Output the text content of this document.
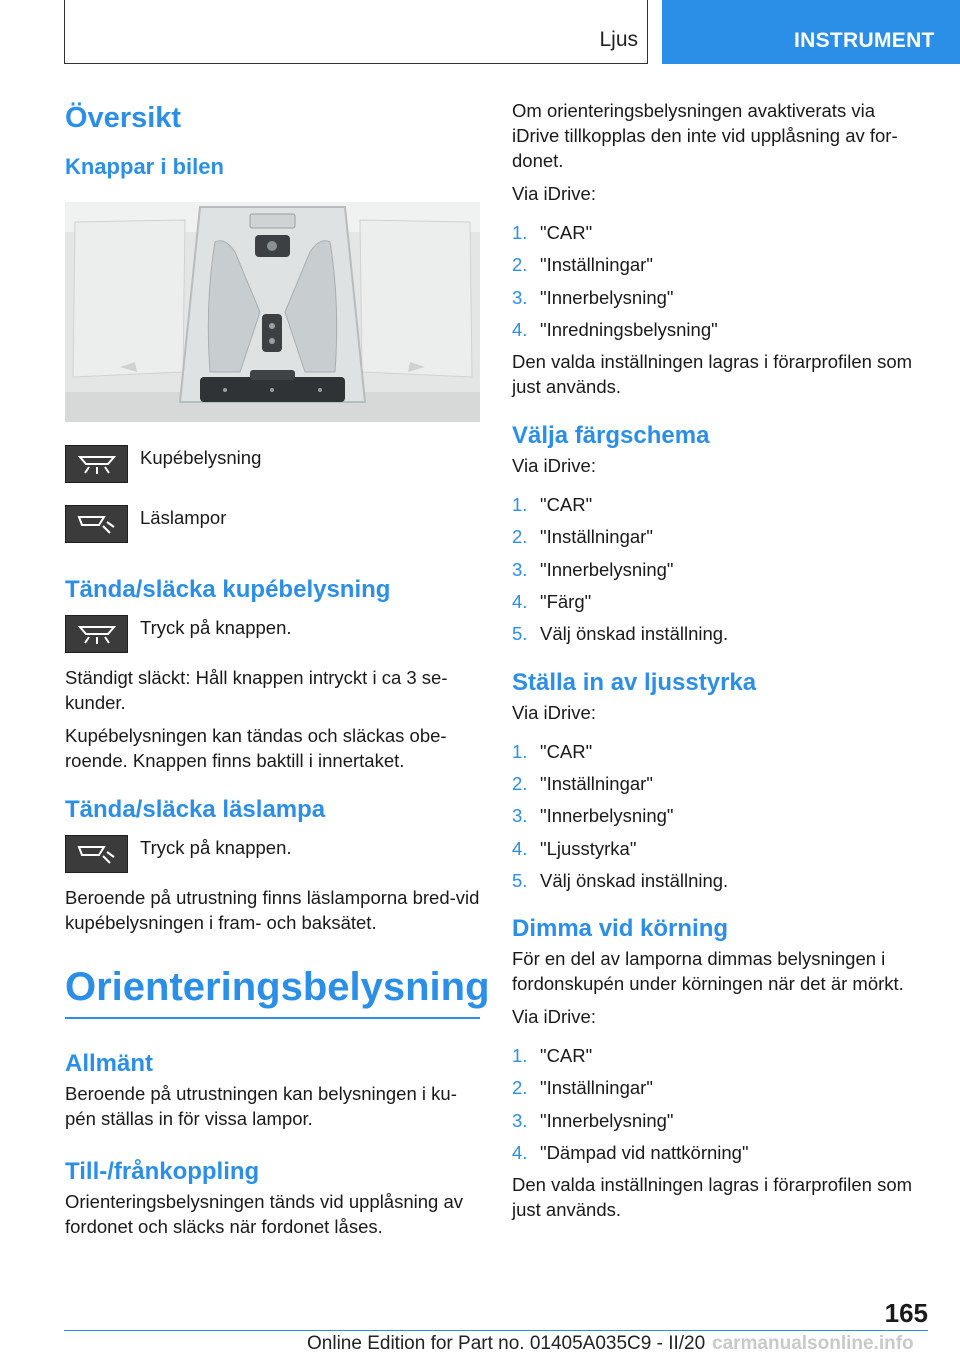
Ljus	INSTRUMENT
Översikt
Knappar i bilen
Kupébelysning
Läslampor
Tända/släcka kupébelysning
Tryck på knappen.

Ständigt släckt: Håll knappen intryckt i ca 3 se‐kunder.

Kupébelysningen kan tändas och släckas obe‐roende. Knappen finns baktill i innertaket.

Tända/släcka läslampa
Tryck på knappen.

Beroende på utrustning finns läslamporna bred‐vid kupébelysningen i fram- och baksätet.

Orienteringsbelysning
Allmänt

Beroende på utrustningen kan belysningen i ku‐pén ställas in för vissa lampor.

Till-/frånkoppling

Orienteringsbelysningen tänds vid upplåsning av fordonet och släcks när fordonet låses.

Om orienteringsbelysningen avaktiverats via iDrive tillkopplas den inte vid upplåsning av for‐donet.

Via iDrive:

1. "CAR"
2. "Inställningar"
3. "Innerbelysning"
4. "Inredningsbelysning"

Den valda inställningen lagras i förarprofilen som just används.

Välja färgschema

Via iDrive:

1. "CAR"
2. "Inställningar"
3. "Innerbelysning"
4. "Färg"
5. Välj önskad inställning.
Ställa in av ljusstyrka

Via iDrive:

1. "CAR"
2. "Inställningar"
3. "Innerbelysning"
4. "Ljusstyrka"
5. Välj önskad inställning.
Dimma vid körning

För en del av lamporna dimmas belysningen i fordonskupén under körningen när det är mörkt.

Via iDrive:

1. "CAR"
2. "Inställningar"
3. "Innerbelysning"
4. "Dämpad vid nattkörning"

Den valda inställningen lagras i förarprofilen som just används.

165
carmanualsonline.info
Online Edition for Part no. 01405A035C9 - II/20
